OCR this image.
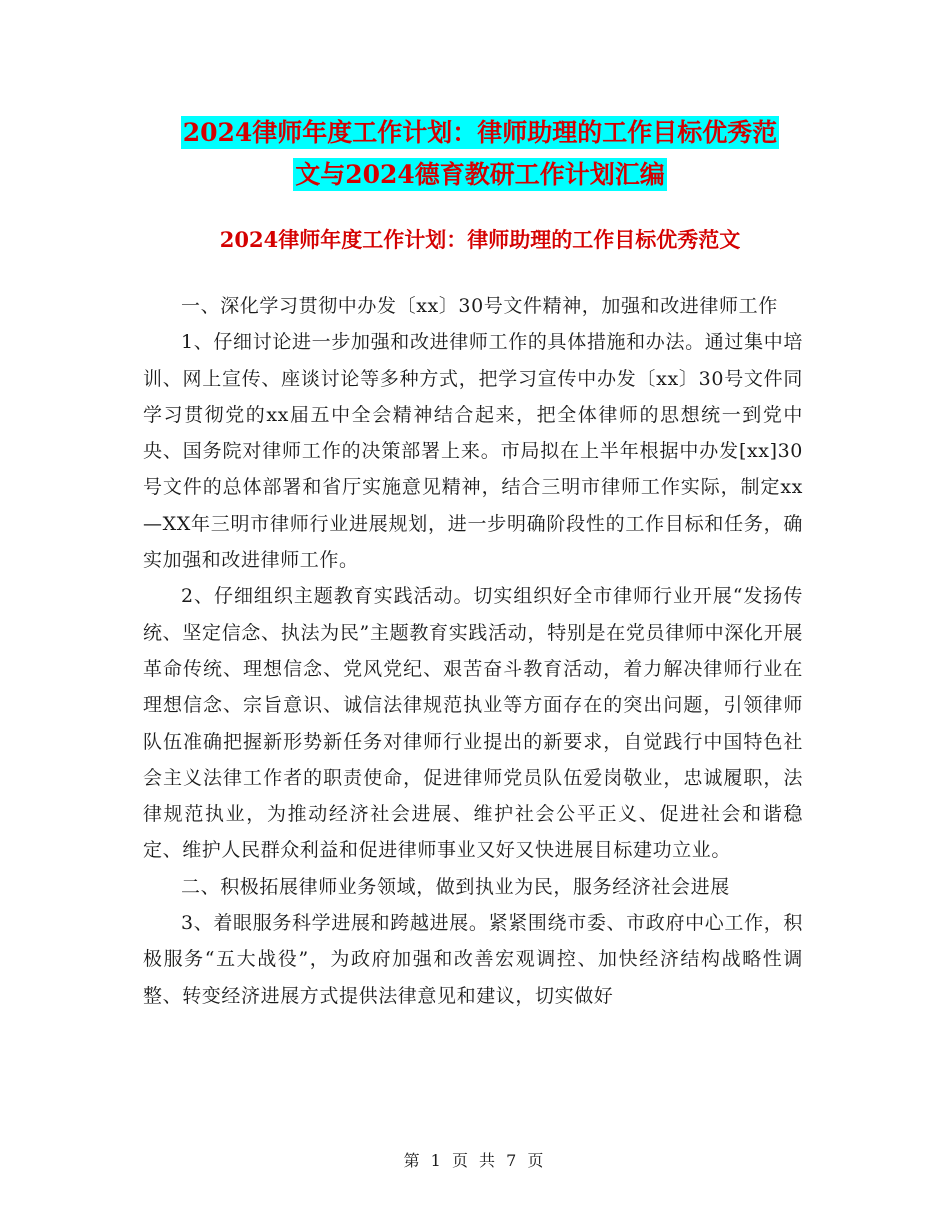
2024律师年度工作计划：律师助理的工作目标优秀范
文与2024德育教研工作计划汇编
2024律师年度工作计划：律师助理的工作目标优秀范文

一、深化学习贯彻中办发〔xx〕30号文件精神，加强和改进律师工作

1、仔细讨论进一步加强和改进律师工作的具体措施和办法。通过集中培训、网上宣传、座谈讨论等多种方式，把学习宣传中办发〔xx〕30号文件同学习贯彻党的xx届五中全会精神结合起来，把全体律师的思想统一到党中央、国务院对律师工作的决策部署上来。市局拟在上半年根据中办发[xx]30号文件的总体部署和省厅实施意见精神，结合三明市律师工作实际，制定xx—XX年三明市律师行业进展规划，进一步明确阶段性的工作目标和任务，确实加强和改进律师工作。

2、仔细组织主题教育实践活动。切实组织好全市律师行业开展“发扬传统、坚定信念、执法为民”主题教育实践活动，特别是在党员律师中深化开展革命传统、理想信念、党风党纪、艰苦奋斗教育活动，着力解决律师行业在理想信念、宗旨意识、诚信法律规范执业等方面存在的突出问题，引领律师队伍准确把握新形势新任务对律师行业提出的新要求，自觉践行中国特色社会主义法律工作者的职责使命，促进律师党员队伍爱岗敬业，忠诚履职，法律规范执业，为推动经济社会进展、维护社会公平正义、促进社会和谐稳定、维护人民群众利益和促进律师事业又好又快进展目标建功立业。

二、积极拓展律师业务领域，做到执业为民，服务经济社会进展

3、着眼服务科学进展和跨越进展。紧紧围绕市委、市政府中心工作，积极服务“五大战役”，为政府加强和改善宏观调控、加快经济结构战略性调整、转变经济进展方式提供法律意见和建议，切实做好

第 1 页 共 7 页
